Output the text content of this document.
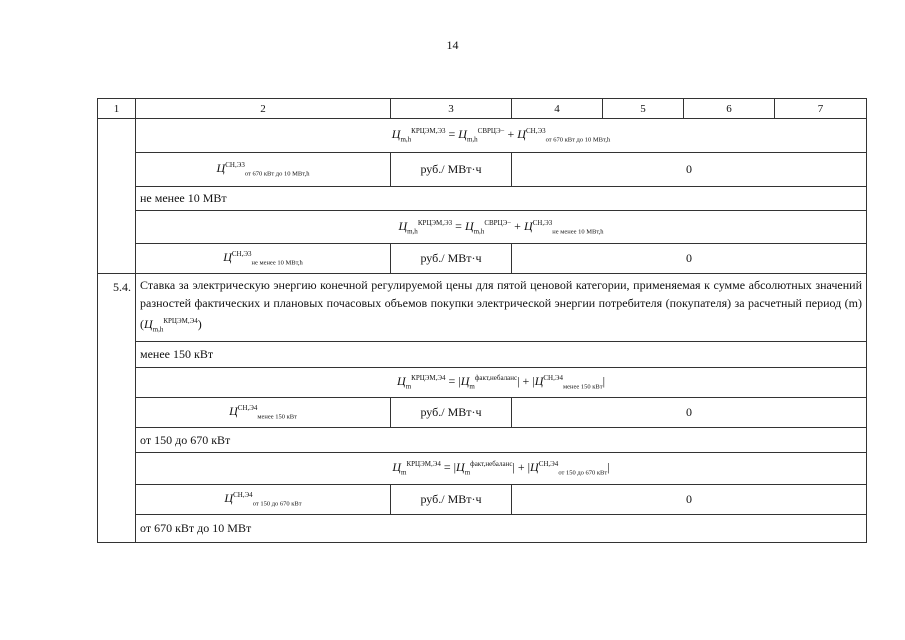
14
1	2	3	4	5	6	7
	$Ц_{m,h}^{КРЦЭМ,Э3} = Ц_{m,h}^{СВРЦЭ-} + Ц^{СН,Э3}_{от 670 кВт до 10 МВт,h}$
	$Ц^{СН,Э3}_{от 670 кВт до 10 МВт,h}$	руб./ МВт·ч	0			
	не менее 10 МВт					
	$Ц_{m,h}^{КРЦЭМ,Э3} = Ц_{m,h}^{СВРЦЭ-} + Ц^{СН,Э3}_{не менее 10 МВт,h}$
	$Ц^{СН,Э3}_{не менее 10 МВт,h}$	руб./ МВт·ч	0			
5.4.	Ставка за электрическую энергию конечной регулируемой цены для пятой ценовой категории, применяемая к сумме абсолютных значений разностей фактических и плановых почасовых объемов покупки электрической энергии потребителя (покупателя) за расчетный период (m) $(Ц_{m,h}^{КРЦЭМ,Э4})$					
	менее 150 кВт					
	$Ц_m^{КРЦЭМ,Э4} = |Ц_m^{факт,небаланс}| + |Ц^{СН,Э4}_{менее 150 кВт}|$					
	$Ц^{СН,Э4}_{менее 150 кВт}$	руб./ МВт·ч	0			
	от 150 до 670 кВт					
	$Ц_m^{КРЦЭМ,Э4} = |Ц_m^{факт,небаланс}| + |Ц^{СН,Э4}_{от 150 до 670 кВт}|$					
	$Ц^{СН,Э4}_{от 150 до 670 кВт}$	руб./ МВт·ч	0			
	от 670 кВт до 10 МВт					
